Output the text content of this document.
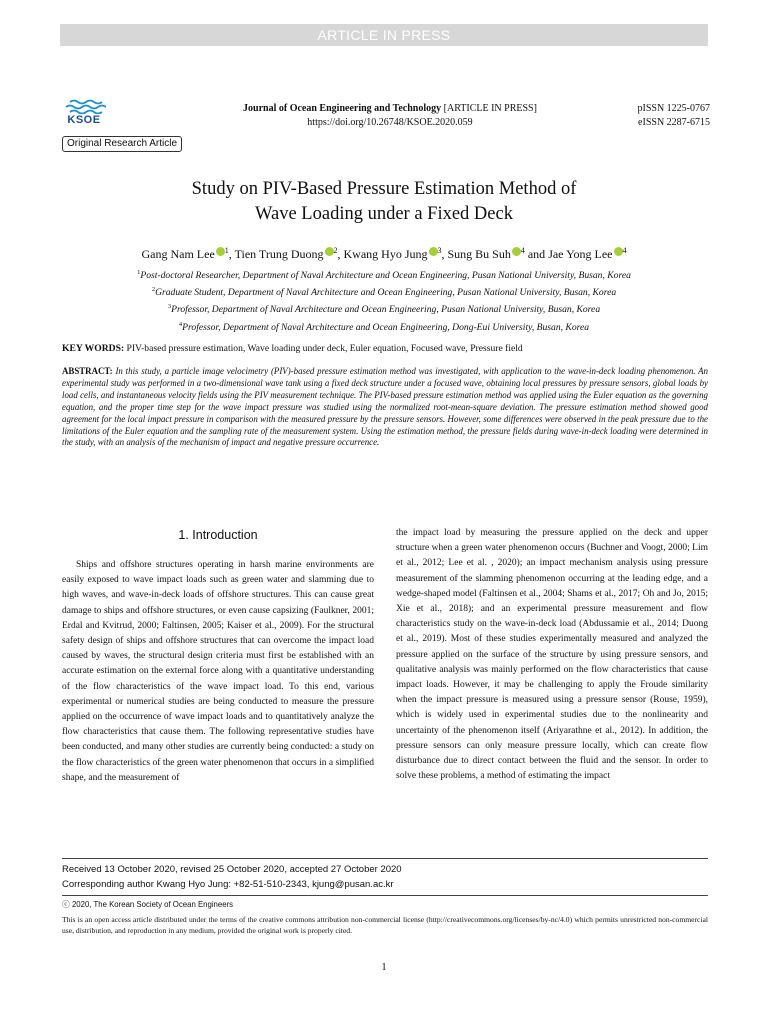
ARTICLE IN PRESS
KSOE
Original Research Article
Journal of Ocean Engineering and Technology [ARTICLE IN PRESS]
https://doi.org/10.26748/KSOE.2020.059
pISSN 1225-0767
eISSN 2287-6715
Study on PIV-Based Pressure Estimation Method of
Wave Loading under a Fixed Deck
Gang Nam Lee $^1$, Tien Trung Duong $^2$, Kwang Hyo Jung $^3$, Sung Bu Suh $^4$ and Jae Yong Lee $^4$
$^1$Post-doctoral Researcher, Department of Naval Architecture and Ocean Engineering, Pusan National University, Busan, Korea
$^2$Graduate Student, Department of Naval Architecture and Ocean Engineering, Pusan National University, Busan, Korea
$^3$Professor, Department of Naval Architecture and Ocean Engineering, Pusan National University, Busan, Korea
$^4$Professor, Department of Naval Architecture and Ocean Engineering, Dong-Eui University, Busan, Korea
KEY WORDS: PIV-based pressure estimation, Wave loading under deck, Euler equation, Focused wave, Pressure field
ABSTRACT: In this study, a particle image velocimetry (PIV)-based pressure estimation method was investigated, with application to the wave-in-deck loading phenomenon. An experimental study was performed in a two-dimensional wave tank using a fixed deck structure under a focused wave, obtaining local pressures by pressure sensors, global loads by load cells, and instantaneous velocity fields using the PIV measurement technique. The PIV-based pressure estimation method was applied using the Euler equation as the governing equation, and the proper time step for the wave impact pressure was studied using the normalized root-mean-square deviation. The pressure estimation method showed good agreement for the local impact pressure in comparison with the measured pressure by the pressure sensors. However, some differences were observed in the peak pressure due to the limitations of the Euler equation and the sampling rate of the measurement system. Using the estimation method, the pressure fields during wave-in-deck loading were determined in the study, with an analysis of the mechanism of impact and negative pressure occurrence.
1. Introduction

Ships and offshore structures operating in harsh marine environments are easily exposed to wave impact loads such as green water and slamming due to high waves, and wave-in-deck loads of offshore structures. This can cause great damage to ships and offshore structures, or even cause capsizing (Faulkner, 2001; Erdal and Kvitrud, 2000; Faltinsen, 2005; Kaiser et al., 2009). For the structural safety design of ships and offshore structures that can overcome the impact load caused by waves, the structural design criteria must first be established with an accurate estimation on the external force along with a quantitative understanding of the flow characteristics of the wave impact load. To this end, various experimental or numerical studies are being conducted to measure the pressure applied on the occurrence of wave impact loads and to quantitatively analyze the flow characteristics that cause them. The following representative studies have been conducted, and many other studies are currently being conducted: a study on the flow characteristics of the green water phenomenon that occurs in a simplified shape, and the measurement of

the impact load by measuring the pressure applied on the deck and upper structure when a green water phenomenon occurs (Buchner and Voogt, 2000; Lim et al., 2012; Lee et al. , 2020); an impact mechanism analysis using pressure measurement of the slamming phenomenon occurring at the leading edge, and a wedge-shaped model (Faltinsen et al., 2004; Shams et al., 2017; Oh and Jo, 2015; Xie et al., 2018); and an experimental pressure measurement and flow characteristics study on the wave-in-deck load (Abdussamie et al., 2014; Duong et al., 2019). Most of these studies experimentally measured and analyzed the pressure applied on the surface of the structure by using pressure sensors, and qualitative analysis was mainly performed on the flow characteristics that cause impact loads. However, it may be challenging to apply the Froude similarity when the impact pressure is measured using a pressure sensor (Rouse, 1959), which is widely used in experimental studies due to the nonlinearity and uncertainty of the phenomenon itself (Ariyarathne et al., 2012). In addition, the pressure sensors can only measure pressure locally, which can create flow disturbance due to direct contact between the fluid and the sensor. In order to solve these problems, a method of estimating the impact

Received 13 October 2020, revised 25 October 2020, accepted 27 October 2020
Corresponding author Kwang Hyo Jung: +82-51-510-2343, kjung@pusan.ac.kr
ⓒ 2020, The Korean Society of Ocean Engineers
This is an open access article distributed under the terms of the creative commons attribution non-commercial license (http://creativecommons.org/licenses/by-nc/4.0) which permits unrestricted non-commercial use, distribution, and reproduction in any medium, provided the original work is properly cited.
1
